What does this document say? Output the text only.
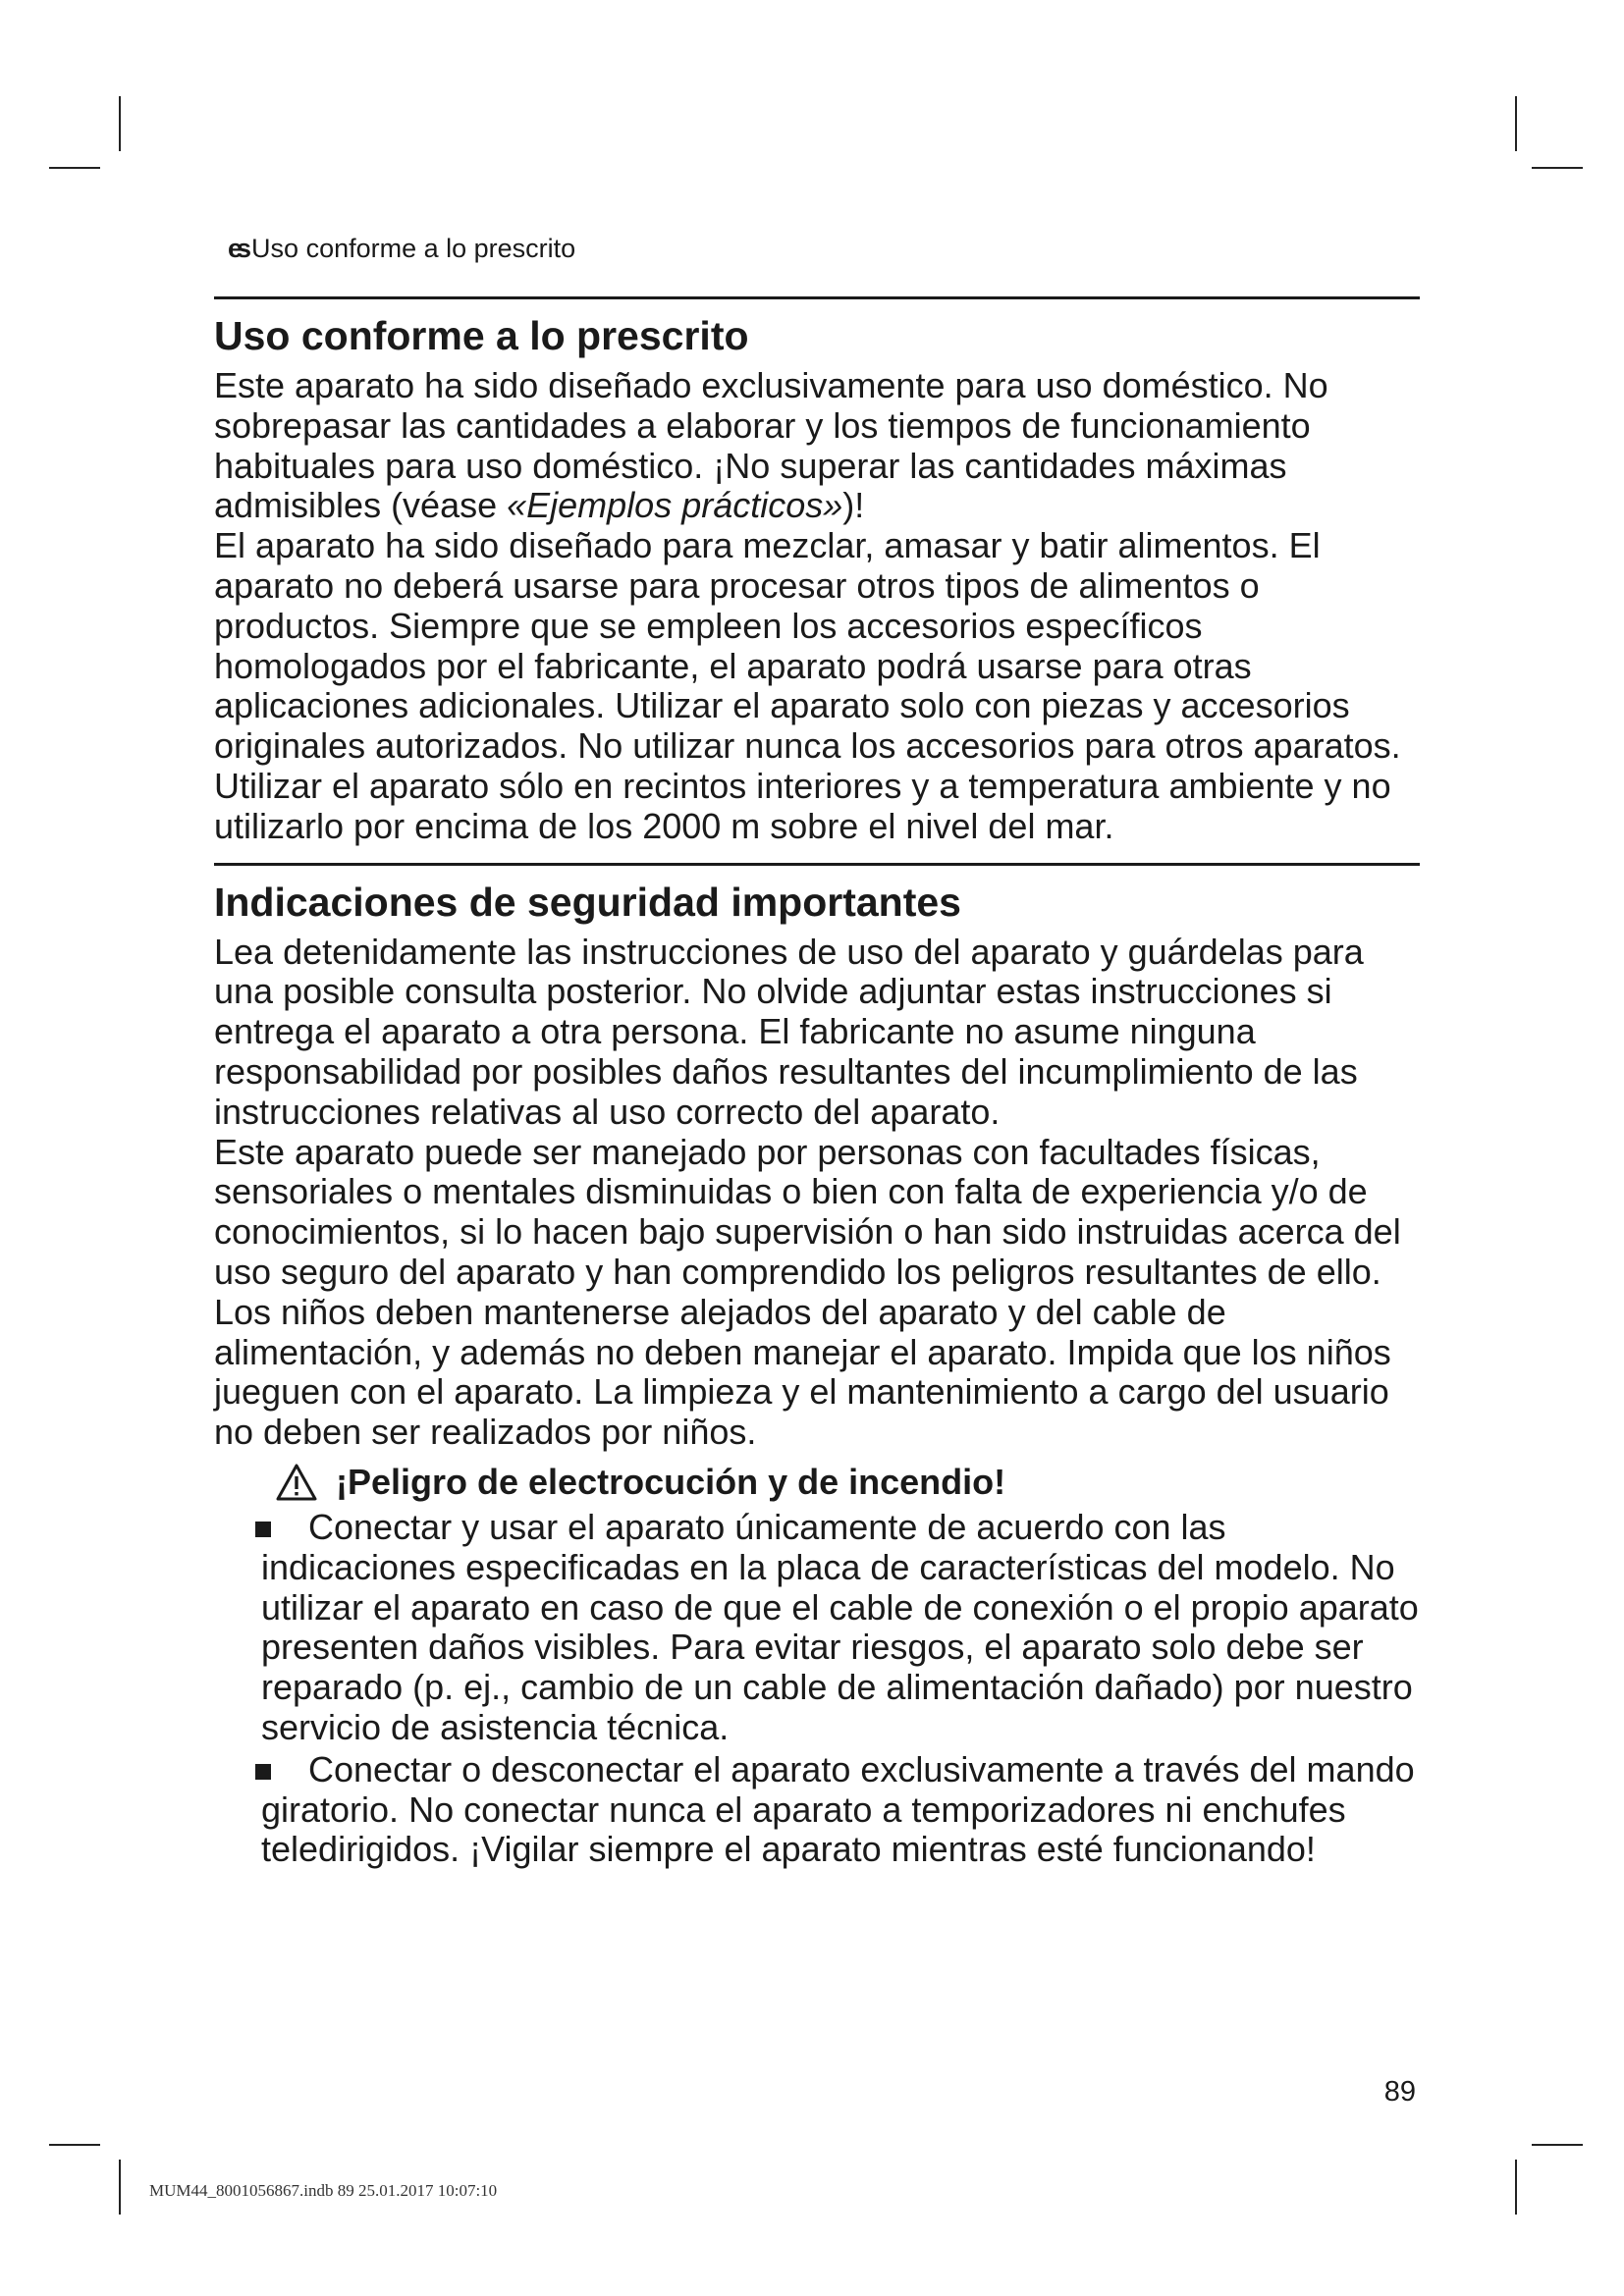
es Uso conforme a lo prescrito
Uso conforme a lo prescrito

Este aparato ha sido diseñado exclusivamente para uso doméstico. No sobrepasar las cantidades a elaborar y los tiempos de funcionamiento habituales para uso doméstico. ¡No superar las cantidades máximas admisibles (véase «Ejemplos prácticos»)!

El aparato ha sido diseñado para mezclar, amasar y batir alimentos. El aparato no deberá usarse para procesar otros tipos de alimentos o productos. Siempre que se empleen los accesorios específicos homologados por el fabricante, el aparato podrá usarse para otras aplicaciones adicionales. Utilizar el aparato solo con piezas y accesorios originales autorizados. No utilizar nunca los accesorios para otros aparatos.

Utilizar el aparato sólo en recintos interiores y a temperatura ambiente y no utilizarlo por encima de los 2000 m sobre el nivel del mar.

Indicaciones de seguridad importantes

Lea detenidamente las instrucciones de uso del aparato y guárdelas para una posible consulta posterior. No olvide adjuntar estas instrucciones si entrega el aparato a otra persona. El fabricante no asume ninguna responsabilidad por posibles daños resultantes del incumplimiento de las instrucciones relativas al uso correcto del aparato.

Este aparato puede ser manejado por personas con facultades físicas, sensoriales o mentales disminuidas o bien con falta de experiencia y/o de conocimientos, si lo hacen bajo supervisión o han sido instruidas acerca del uso seguro del aparato y han comprendido los peligros resultantes de ello. Los niños deben mantenerse alejados del aparato y del cable de alimentación, y además no deben manejar el aparato. Impida que los niños jueguen con el aparato. La limpieza y el mantenimiento a cargo del usuario no deben ser realizados por niños.

¡Peligro de electrocución y de incendio!
Conectar y usar el aparato únicamente de acuerdo con las indicaciones especificadas en la placa de características del modelo. No utilizar el aparato en caso de que el cable de conexión o el propio aparato presenten daños visibles. Para evitar riesgos, el aparato solo debe ser reparado (p. ej., cambio de un cable de alimentación dañado) por nuestro servicio de asistencia técnica.
Conectar o desconectar el aparato exclusivamente a través del mando giratorio. No conectar nunca el aparato a temporizadores ni enchufes teledirigidos. ¡Vigilar siempre el aparato mientras esté funcionando!
89
MUM44_8001056867.indb 89 25.01.2017 10:07:10
